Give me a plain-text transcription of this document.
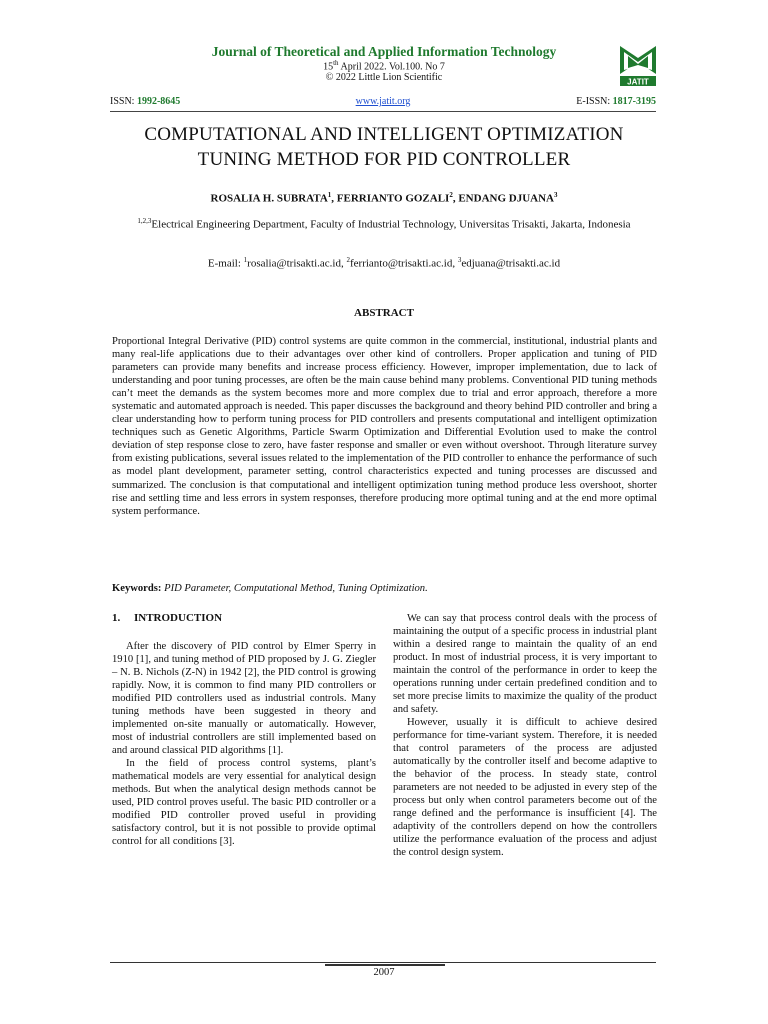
Journal of Theoretical and Applied Information Technology
15th April 2022. Vol.100. No 7
© 2022 Little Lion Scientific	JATIT
ISSN: 1992-8645	www.jatit.org	E-ISSN: 1817-3195
COMPUTATIONAL AND INTELLIGENT OPTIMIZATION
TUNING METHOD FOR PID CONTROLLER
ROSALIA H. SUBRATA$^1$, FERRIANTO GOZALI$^2$, ENDANG DJUANA$^3$
$^{1,2,3}$Electrical Engineering Department, Faculty of Industrial Technology, Universitas Trisakti, Jakarta, Indonesia
E-mail: $^1$rosalia@trisakti.ac.id, $^2$ferrianto@trisakti.ac.id, $^3$edjuana@trisakti.ac.id
ABSTRACT
Proportional Integral Derivative (PID) control systems are quite common in the commercial, institutional, industrial plants and many real-life applications due to their advantages over other kind of controllers. Proper application and tuning of PID parameters can provide many benefits and increase process efficiency. However, improper implementation, due to lack of understanding and poor tuning processes, are often be the main cause behind many problems. Conventional PID tuning methods can’t meet the demands as the system becomes more and more complex due to trial and error approach, therefore a more systematic and automated approach is needed. This paper discusses the background and theory behind PID controller and bring a clear understanding how to perform tuning process for PID controllers and presents computational and intelligent optimization techniques such as Genetic Algorithms, Particle Swarm Optimization and Differential Evolution used to make the control deviation of step response close to zero, have faster response and smaller or even without overshoot. Through literature survey from existing publications, several issues related to the implementation of the PID controller to enhance the performance of such as model plant development, parameter setting, control characteristics expected and tuning processes are discussed and summarized. The conclusion is that computational and intelligent optimization tuning method produce less overshoot, shorter rise and settling time and less errors in system responses, therefore producing more optimal tuning and at the end more optimal system performance.
Keywords: PID Parameter, Computational Method, Tuning Optimization.
1. INTRODUCTION

After the discovery of PID control by Elmer Sperry in 1910 [1], and tuning method of PID proposed by J. G. Ziegler – N. B. Nichols (Z-N) in 1942 [2], the PID control is growing rapidly. Now, it is common to find many PID controllers or modified PID controllers used as industrial controls. Many tuning methods have been suggested in theory and implemented on-site manually or automatically. However, most of industrial controllers are still implemented based on and around classical PID algorithms [1].

In the field of process control systems, plant’s mathematical models are very essential for analytical design methods. But when the analytical design methods cannot be used, PID control proves useful. The basic PID controller or a modified PID controller proved useful in providing satisfactory control, but it is not possible to provide optimal control for all conditions [3].

We can say that process control deals with the process of maintaining the output of a specific process in industrial plant within a desired range to maintain the quality of an end product. In most of industrial process, it is very important to maintain the control of the performance in order to keep the operations running under certain predefined condition and to set more precise limits to maximize the quality of the product and safety.

However, usually it is difficult to achieve desired performance for time-variant system. Therefore, it is needed that control parameters of the process are adjusted automatically by the controller itself and become adaptive to the behavior of the process. In steady state, control parameters are not needed to be adjusted in every step of the process but only when control parameters become out of the range defined and the performance is insufficient [4]. The adaptivity of the controllers depend on how the controllers utilize the performance evaluation of the process and adjust the control design system.

2007
